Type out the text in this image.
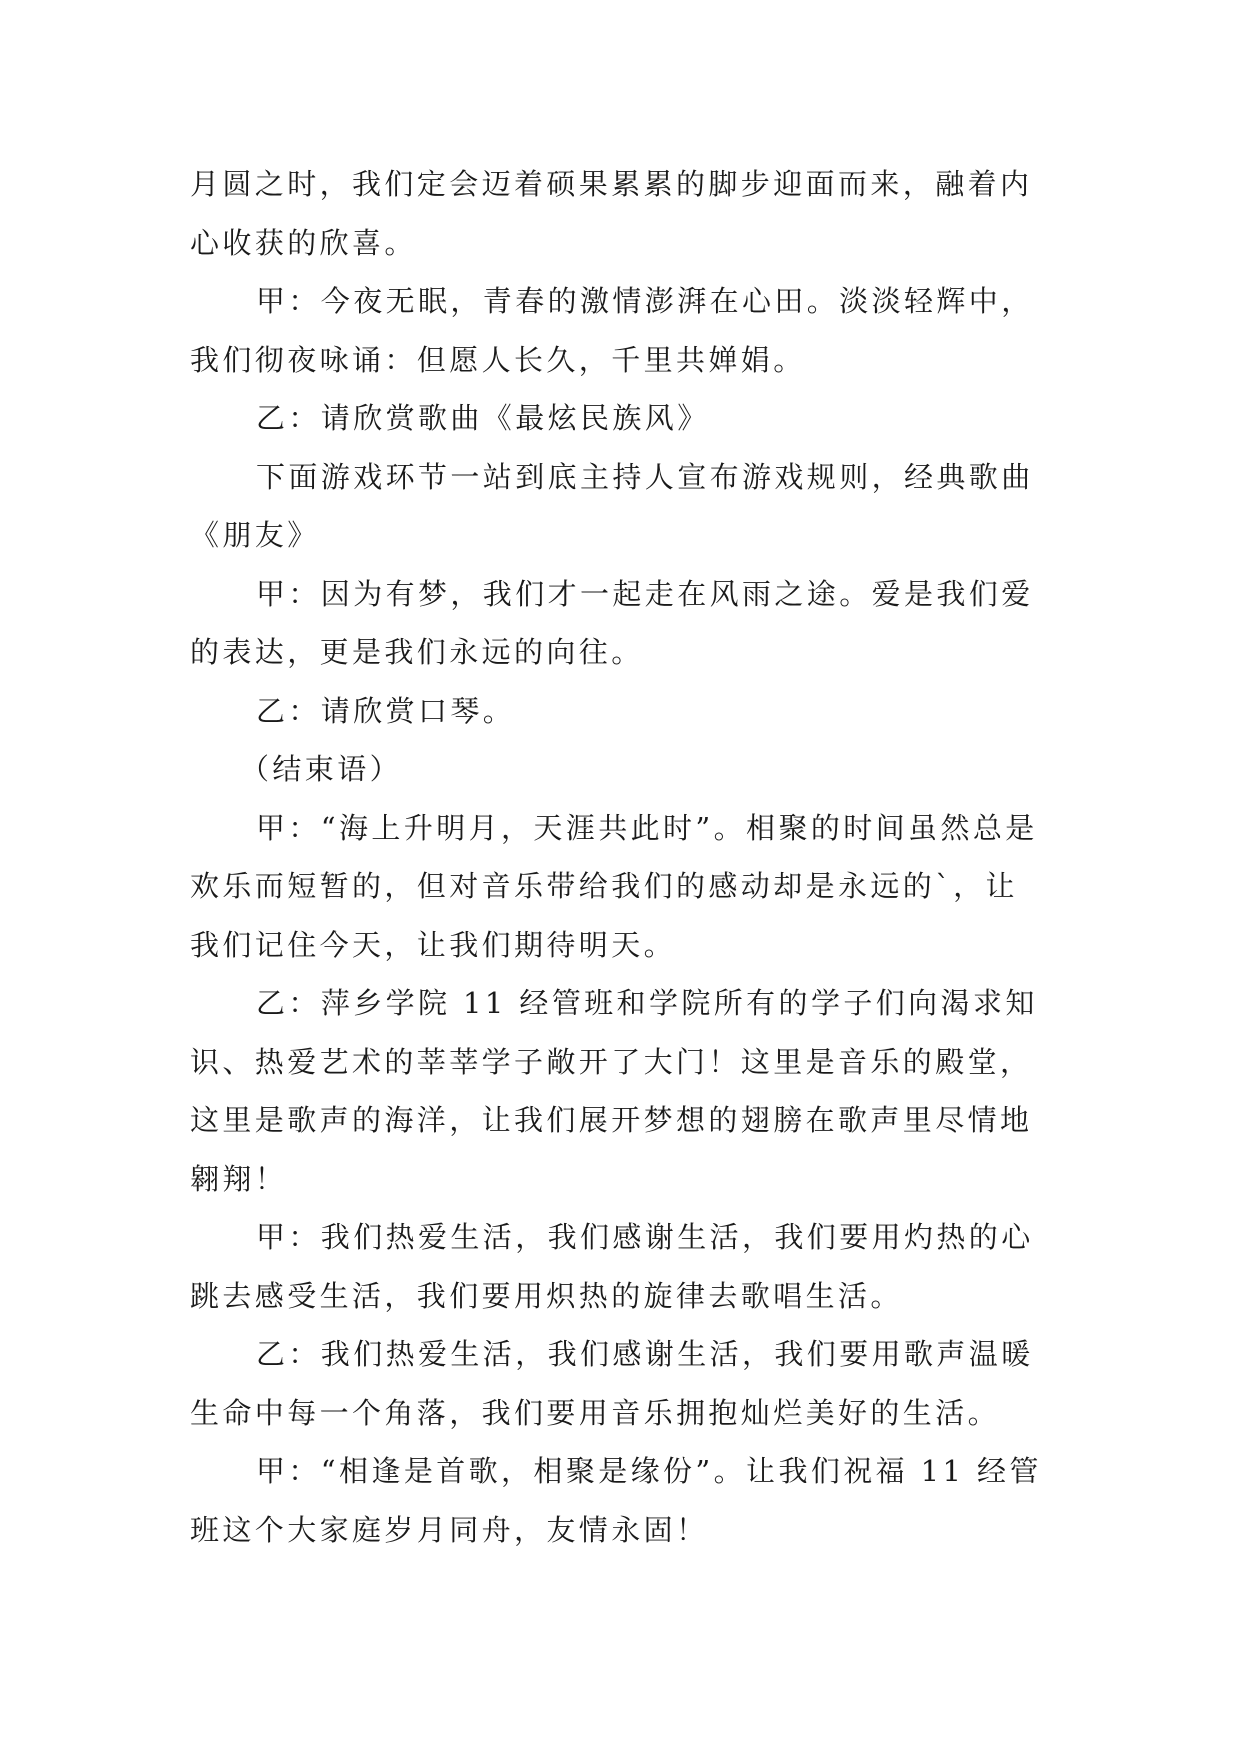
月圆之时，我们定会迈着硕果累累的脚步迎面而来，融着内
心收获的欣喜。
甲：今夜无眠，青春的激情澎湃在心田。淡淡轻辉中，
我们彻夜咏诵：但愿人长久，千里共婵娟。
乙：请欣赏歌曲《最炫民族风》
下面游戏环节一站到底主持人宣布游戏规则，经典歌曲
《朋友》
甲：因为有梦，我们才一起走在风雨之途。爱是我们爱
的表达，更是我们永远的向往。
乙：请欣赏口琴。
（结束语）
甲：“海上升明月，天涯共此时”。相聚的时间虽然总是
欢乐而短暂的，但对音乐带给我们的感动却是永远的`，让
我们记住今天，让我们期待明天。
乙：萍乡学院 11 经管班和学院所有的学子们向渴求知
识、热爱艺术的莘莘学子敞开了大门！这里是音乐的殿堂，
这里是歌声的海洋，让我们展开梦想的翅膀在歌声里尽情地
翱翔！
甲：我们热爱生活，我们感谢生活，我们要用灼热的心
跳去感受生活，我们要用炽热的旋律去歌唱生活。
乙：我们热爱生活，我们感谢生活，我们要用歌声温暖
生命中每一个角落，我们要用音乐拥抱灿烂美好的生活。
甲：“相逢是首歌，相聚是缘份”。让我们祝福 11 经管
班这个大家庭岁月同舟，友情永固！
